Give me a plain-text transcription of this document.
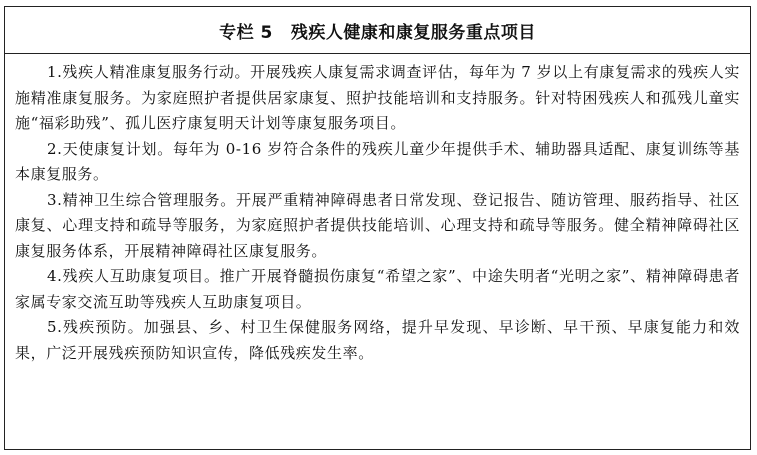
专栏 5 残疾人健康和康复服务重点项目

1.残疾人精准康复服务行动。开展残疾人康复需求调查评估，每年为 7 岁以上有康复需求的残疾人实施精准康复服务。为家庭照护者提供居家康复、照护技能培训和支持服务。针对特困残疾人和孤残儿童实施“福彩助残”、孤儿医疗康复明天计划等康复服务项目。

2.天使康复计划。每年为 0-16 岁符合条件的残疾儿童少年提供手术、辅助器具适配、康复训练等基本康复服务。

3.精神卫生综合管理服务。开展严重精神障碍患者日常发现、登记报告、随访管理、服药指导、社区康复、心理支持和疏导等服务，为家庭照护者提供技能培训、心理支持和疏导等服务。健全精神障碍社区康复服务体系，开展精神障碍社区康复服务。

4.残疾人互助康复项目。推广开展脊髓损伤康复“希望之家”、中途失明者“光明之家”、精神障碍患者家属专家交流互助等残疾人互助康复项目。

5.残疾预防。加强县、乡、村卫生保健服务网络，提升早发现、早诊断、早干预、早康复能力和效果，广泛开展残疾预防知识宣传，降低残疾发生率。
